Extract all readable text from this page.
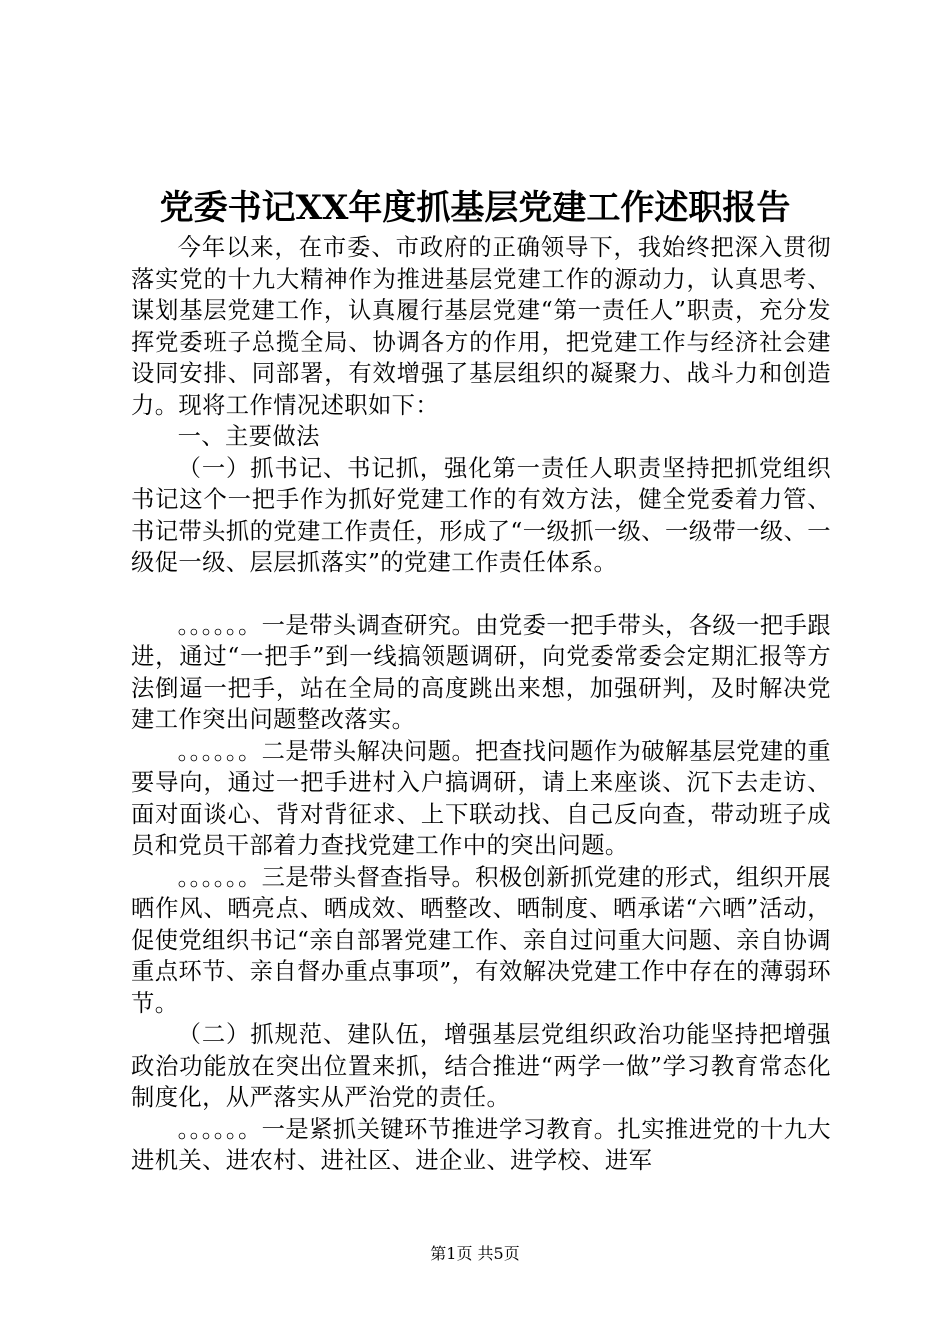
党委书记XX年度抓基层党建工作述职报告

今年以来，在市委、市政府的正确领导下，我始终把深入贯彻落实党的十九大精神作为推进基层党建工作的源动力，认真思考、谋划基层党建工作，认真履行基层党建“第一责任人”职责，充分发挥党委班子总揽全局、协调各方的作用，把党建工作与经济社会建设同安排、同部署，有效增强了基层组织的凝聚力、战斗力和创造力。现将工作情况述职如下：

一、主要做法

（一）抓书记、书记抓，强化第一责任人职责坚持把抓党组织书记这个一把手作为抓好党建工作的有效方法，健全党委着力管、书记带头抓的党建工作责任，形成了“一级抓一级、一级带一级、一级促一级、层层抓落实”的党建工作责任体系。

。。。。。。一是带头调查研究。由党委一把手带头，各级一把手跟进，通过“一把手”到一线搞领题调研，向党委常委会定期汇报等方法倒逼一把手，站在全局的高度跳出来想，加强研判，及时解决党建工作突出问题整改落实。

。。。。。。二是带头解决问题。把查找问题作为破解基层党建的重要导向，通过一把手进村入户搞调研，请上来座谈、沉下去走访、面对面谈心、背对背征求、上下联动找、自己反向查，带动班子成员和党员干部着力查找党建工作中的突出问题。

。。。。。。三是带头督查指导。积极创新抓党建的形式，组织开展晒作风、晒亮点、晒成效、晒整改、晒制度、晒承诺“六晒”活动，促使党组织书记“亲自部署党建工作、亲自过问重大问题、亲自协调重点环节、亲自督办重点事项”，有效解决党建工作中存在的薄弱环节。

（二）抓规范、建队伍，增强基层党组织政治功能坚持把增强政治功能放在突出位置来抓，结合推进“两学一做”学习教育常态化制度化，从严落实从严治党的责任。

。。。。。。一是紧抓关键环节推进学习教育。扎实推进党的十九大进机关、进农村、进社区、进企业、进学校、进军

第1页 共5页
